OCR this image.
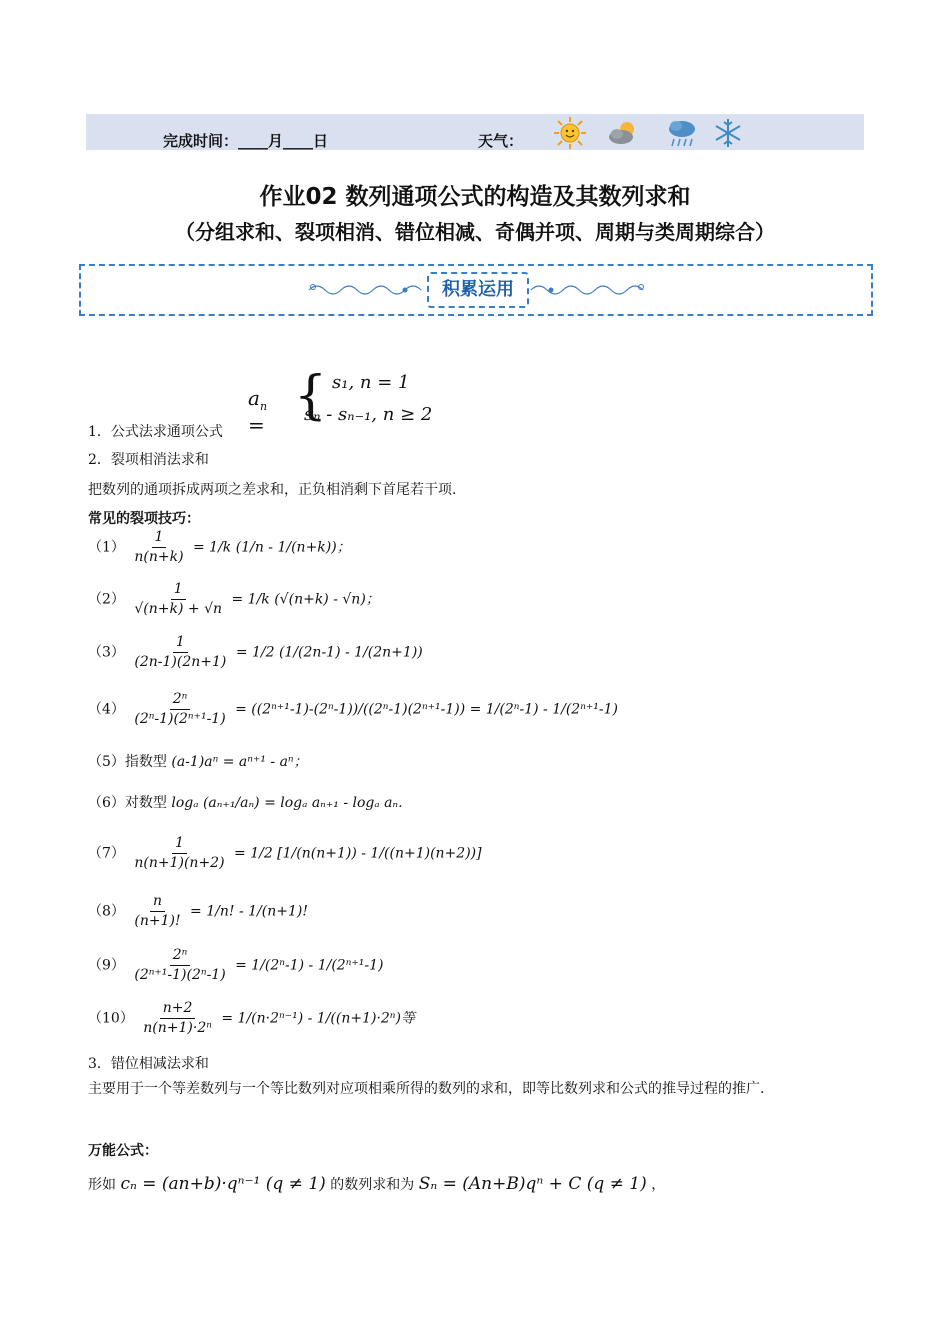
完成时间：____月____日	天气：
作业02 数列通项公式的构造及其数列求和
（分组求和、裂项相消、错位相减、奇偶并项、周期与类周期综合）
积累运用
$a_n$ = { s₁, n = 1
sₙ - sₙ₋₁, n ≥ 2
1．公式法求通项公式
2．裂项相消法求和
把数列的通项拆成两项之差求和，正负相消剩下首尾若干项.
常见的裂项技巧：
$(1) \frac{1}{n(n+k)} = 1/k$ (1/n - 1/(n+k))；
$(2) \frac{1}{√(n+k) + √n} = 1/k$ (√(n+k) - √n)；
$(3) \frac{1}{(2n-1)(2n+1)} = 1/2$ (1/(2n-1) - 1/(2n+1))
$(4) \frac{\text{2ⁿ}}{\text{(2ⁿ-1)(2ⁿ⁺¹-1)}} = ((2^{n+1}-1)-(2^n-1))/((2^n-1)(2^{n+1}-1)) = 1/(2^n-1) - 1/(2^{n+1}-1)$
（5）指数型 (a-1)aⁿ = aⁿ⁺¹ - aⁿ；
（6）对数型 logₐ (aₙ₊₁/aₙ) = logₐ aₙ₊₁ - logₐ aₙ.
$(7) \frac{1}{n(n+1)(n+2)} = 1/2$ [1/(n(n+1)) - 1/((n+1)(n+2))]
$(8) \frac{n}{(n+1)!} = 1/n$! - 1/(n+1)!
$(9) \frac{\text{2ⁿ}}{\text{(2ⁿ⁺¹-1)(2ⁿ-1)}} = 1/(2^n-1) - 1/(2^{n+1}-1)$
$(10) \frac{n+2}{\text{n(n+1)·2ⁿ}} = 1/(n\cdot 2^{n-1}) - 1/((n+1)\cdot 2^n)$等
3．错位相减法求和
主要用于一个等差数列与一个等比数列对应项相乘所得的数列的求和，即等比数列求和公式的推导过程的推广.
万能公式：
形如 cₙ = (an+b)·qⁿ⁻¹ (q ≠ 1) 的数列求和为 Sₙ = (An+B)qⁿ + C (q ≠ 1) ，
